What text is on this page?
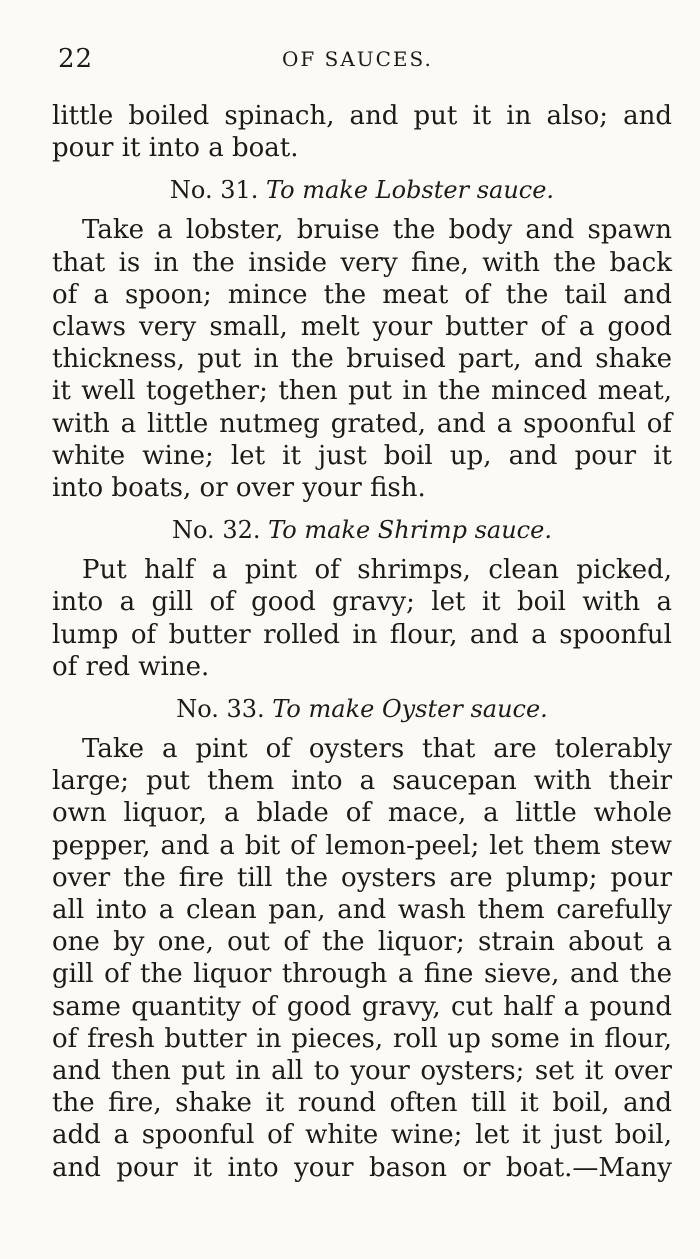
22	OF SAUCES.
little boiled spinach, and put it in also; and
pour it into a boat.
No. 31. To make Lobster sauce.
Take a lobster, bruise the body and spawn
that is in the inside very fine, with the back
of a spoon; mince the meat of the tail and
claws very small, melt your butter of a good
thickness, put in the bruised part, and shake
it well together; then put in the minced meat,
with a little nutmeg grated, and a spoonful of
white wine; let it just boil up, and pour it
into boats, or over your fish.
No. 32. To make Shrimp sauce.
Put half a pint of shrimps, clean picked,
into a gill of good gravy; let it boil with a
lump of butter rolled in flour, and a spoonful
of red wine.
No. 33. To make Oyster sauce.
Take a pint of oysters that are tolerably
large; put them into a saucepan with their
own liquor, a blade of mace, a little whole
pepper, and a bit of lemon-peel; let them stew
over the fire till the oysters are plump; pour
all into a clean pan, and wash them carefully
one by one, out of the liquor; strain about a
gill of the liquor through a fine sieve, and the
same quantity of good gravy, cut half a pound
of fresh butter in pieces, roll up some in flour,
and then put in all to your oysters; set it over
the fire, shake it round often till it boil, and
add a spoonful of white wine; let it just boil,
and pour it into your bason or boat.—Many
